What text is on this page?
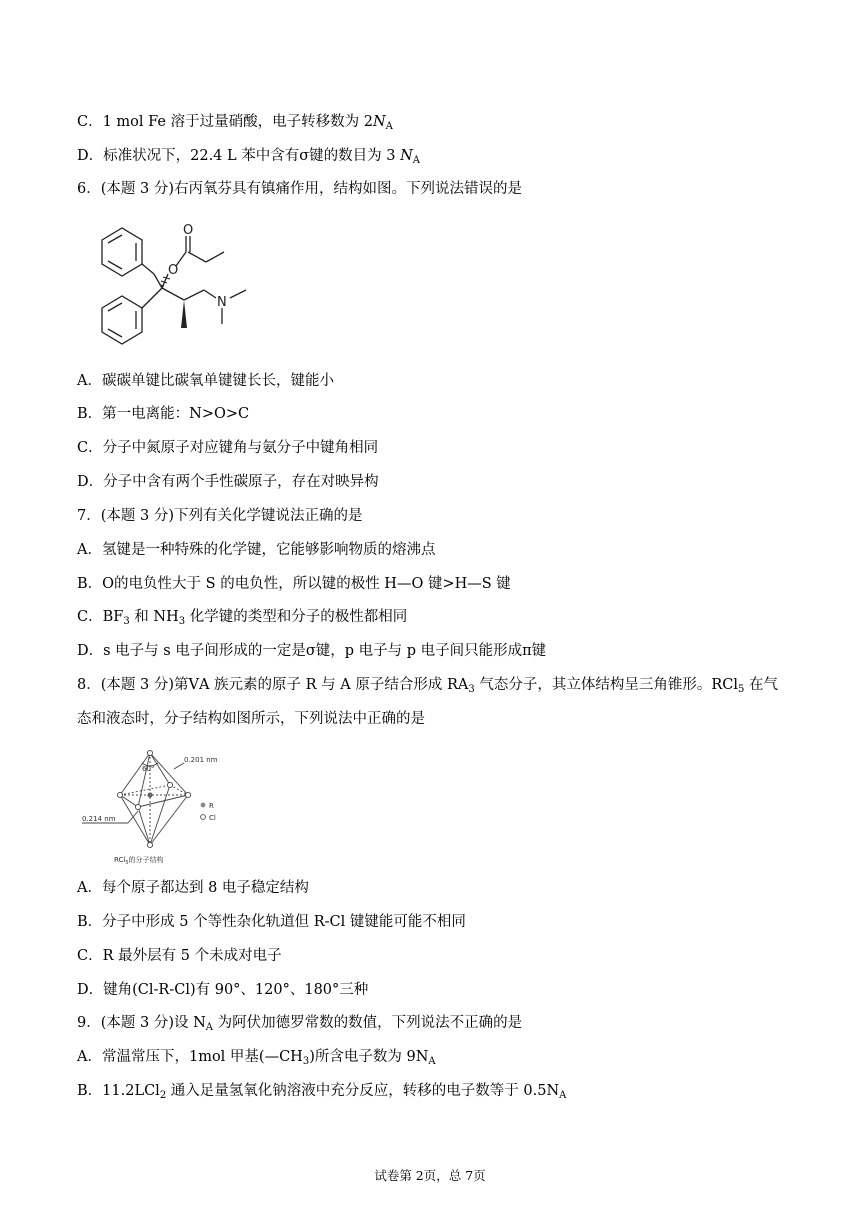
C．1 mol Fe 溶于过量硝酸，电子转移数为 $2N_A$
D．标准状况下，22.4 L 苯中含有σ键的数目为 3 $N_A$
6．(本题 3 分)右丙氧芬具有镇痛作用，结构如图。下列说法错误的是
O
O
N
A．碳碳单键比碳氧单键键长长，键能小
B．第一电离能：N>O>C
C．分子中氮原子对应键角与氨分子中键角相同
D．分子中含有两个手性碳原子，存在对映异构
7．(本题 3 分)下列有关化学键说法正确的是
A．氢键是一种特殊的化学键，它能够影响物质的熔沸点
B．O的电负性大于 S 的电负性，所以键的极性 H—O 键>H—S 键
C．$BF_3$ 和 $NH_3$ 化学键的类型和分子的极性都相同
D．s 电子与 s 电子间形成的一定是σ键，p 电子与 p 电子间只能形成π键
8．(本题 3 分)第ⅤA 族元素的原子 R 与 A 原子结合形成 $RA_3$ 气态分子，其立体结构呈三角锥形。RCl$_5$ 在气
态和液态时，分子结构如图所示，下列说法中正确的是
60°
0.201 nm
0.214 nm
R
Cl
RCl$_5$的分子结构
A．每个原子都达到 8 电子稳定结构
B．分子中形成 5 个等性杂化轨道但 R-Cl 键键能可能不相同
C．R 最外层有 5 个未成对电子
D．键角(Cl-R-Cl)有 90°、120°、180°三种
9．(本题 3 分)设 $N_A$ 为阿伏加德罗常数的数值，下列说法不正确的是
A．常温常压下，1mol 甲基$(—CH_3)$所含电子数为 $9N_A$
B．11.2LCl$_2$ 通入足量氢氧化钠溶液中充分反应，转移的电子数等于 $0.5N_A$
试卷第 2页，总 7页
